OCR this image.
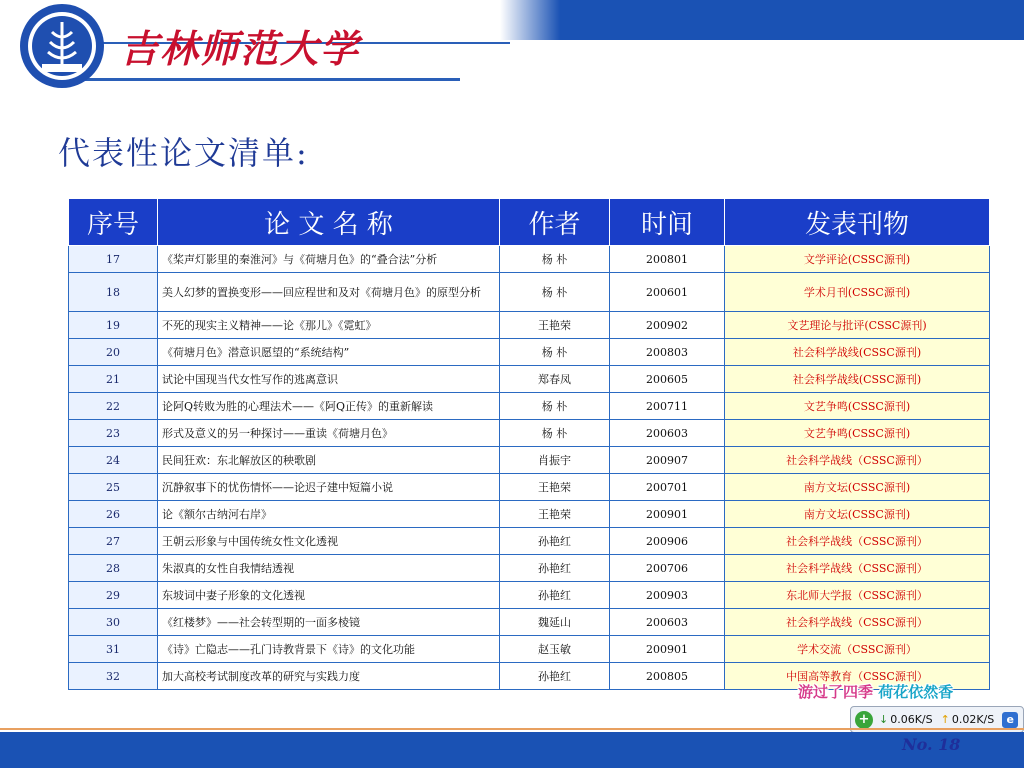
吉林师范大学
代表性论文清单:
序号	论 文 名 称	作者	时间	发表刊物
17	《桨声灯影里的秦淮河》与《荷塘月色》的“叠合法”分析	杨 朴	200801	文学评论(CSSC源刊)
18	美人幻梦的置换变形——回应程世和及对《荷塘月色》的原型分析	杨 朴	200601	学术月刊(CSSC源刊)
19	不死的现实主义精神——论《那儿》《霓虹》	王艳荣	200902	文艺理论与批评(CSSC源刊)
20	《荷塘月色》潜意识愿望的“系统结构”	杨 朴	200803	社会科学战线(CSSC源刊)
21	试论中国现当代女性写作的逃离意识	郑春凤	200605	社会科学战线(CSSC源刊)
22	论阿Q转败为胜的心理法术——《阿Q正传》的重新解读	杨 朴	200711	文艺争鸣(CSSC源刊)
23	形式及意义的另一种探讨——重读《荷塘月色》	杨 朴	200603	文艺争鸣(CSSC源刊)
24	民间狂欢：东北解放区的秧歌剧	肖振宇	200907	社会科学战线（CSSC源刊）
25	沉静叙事下的忧伤情怀——论迟子建中短篇小说	王艳荣	200701	南方文坛(CSSC源刊)
26	论《额尔古纳河右岸》	王艳荣	200901	南方文坛(CSSC源刊)
27	王朝云形象与中国传统女性文化透视	孙艳红	200906	社会科学战线（CSSC源刊）
28	朱淑真的女性自我情结透视	孙艳红	200706	社会科学战线（CSSC源刊）
29	东坡词中妻子形象的文化透视	孙艳红	200903	东北师大学报（CSSC源刊）
30	《红楼梦》——社会转型期的一面多棱镜	魏延山	200603	社会科学战线（CSSC源刊）
31	《诗》亡隐志——孔门诗教背景下《诗》的文化功能	赵玉敏	200901	学术交流（CSSC源刊）
32	加大高校考试制度改革的研究与实践力度	孙艳红	200805	中国高等教育（CSSC源刊）
游过了四季 荷花依然香
+ ↓ 0.06K/S ↑ 0.02K/S	e
No. 18
